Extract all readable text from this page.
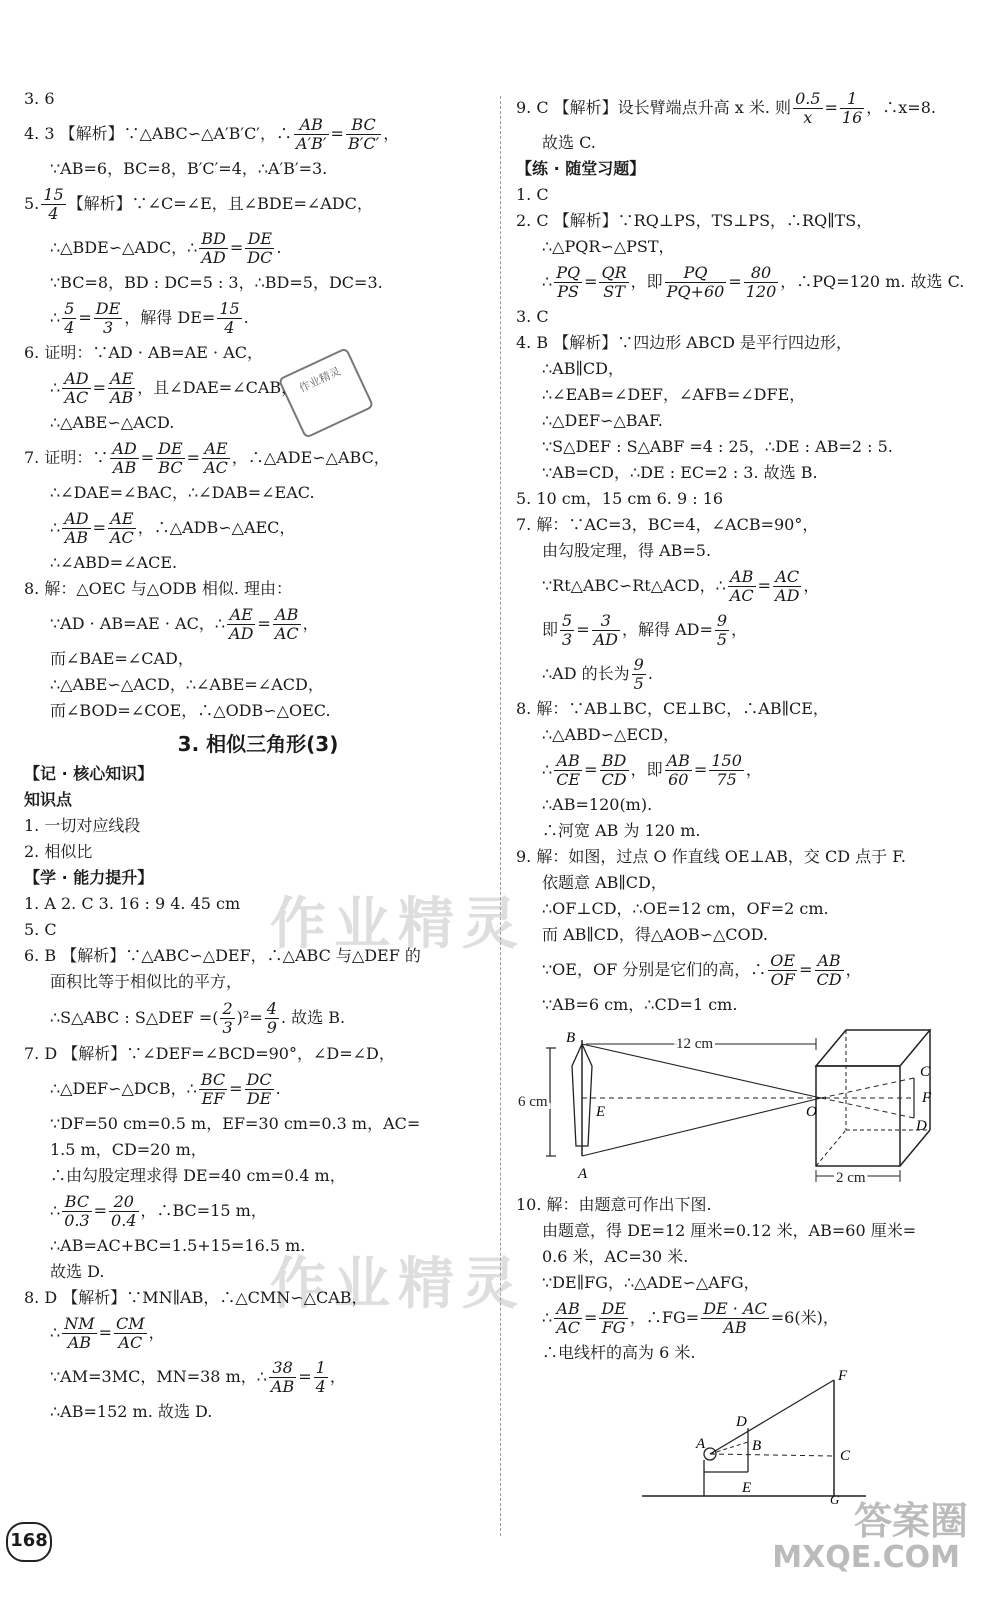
作业精灵
作业精灵
作业精灵
3. 6
4. 3 【解析】∵△ABC∽△A′B′C′，∴ $\frac{AB}{A'B'} = \frac{BC}{B'C'}$ ，
∵AB=6，BC=8，B′C′=4，∴A′B′=3.
5. $\frac{15}{4}$ 【解析】∵∠C=∠E，且∠BDE=∠ADC，
∴△BDE∽△ADC，∴ $\frac{BD}{AD} = \frac{DE}{DC}$ .
∵BC=8，BD : DC=5 : 3，∴BD=5，DC=3.
∴ $\frac{5}{4} = \frac{DE}{3}$ ，解得 $DE= \frac{15}{4}$ .
6. 证明：∵AD · AB=AE · AC，
∴ $\frac{AD}{AC} = \frac{AE}{AB}$ ，且∠DAE=∠CAB，
∴△ABE∽△ACD.
7. 证明：∵ $\frac{AD}{AB} = \frac{DE}{BC} = \frac{AE}{AC}$ ，∴△ADE∽△ABC，
∴∠DAE=∠BAC，∴∠DAB=∠EAC.
∴ $\frac{AD}{AB} = \frac{AE}{AC}$ ，∴△ADB∽△AEC，
∴∠ABD=∠ACE.
8. 解：△OEC 与△ODB 相似. 理由：
∵AD · AB=AE · AC，∴ $\frac{AE}{AD} = \frac{AB}{AC}$ ，
而∠BAE=∠CAD，
∴△ABE∽△ACD，∴∠ABE=∠ACD，
而∠BOD=∠COE，∴△ODB∽△OEC.
3. 相似三角形(3)
【记 · 核心知识】
知识点
1. 一切对应线段
2. 相似比
【学 · 能力提升】
1. A 2. C 3. 16 : 9 4. 45 cm
5. C
6. B 【解析】∵△ABC∽△DEF，∴△ABC 与△DEF 的
面积比等于相似比的平方，
∴S△ABC : S△DEF =( $\frac{2}{3} )^2= \frac{4}{9}$ . 故选 B.
7. D 【解析】∵∠DEF=∠BCD=90°，∠D=∠D，
∴△DEF∽△DCB，∴ $\frac{BC}{EF} = \frac{DC}{DE}$ .
∵DF=50 cm=0.5 m，EF=30 cm=0.3 m，AC=
1.5 m，CD=20 m，
∴由勾股定理求得 DE=40 cm=0.4 m，
∴ $\frac{BC}{0.3} = \frac{20}{0.4}$ ，∴BC=15 m，
∴AB=AC+BC=1.5+15=16.5 m.
故选 D.
8. D 【解析】∵MN∥AB，∴△CMN∽△CAB，
∴ $\frac{NM}{AB} = \frac{CM}{AC}$ ，
∵AM=3MC，MN=38 m，∴ $\frac{38}{AB} = \frac{1}{4}$ ，
∴AB=152 m. 故选 D.
9. C 【解析】设长臂端点升高 x 米. 则 $\frac{0.5}{x} = \frac{1}{16}$ ，∴x=8.
故选 C.
【练 · 随堂习题】
1. C
2. C 【解析】∵RQ⊥PS，TS⊥PS，∴RQ∥TS，
∴△PQR∽△PST，
∴ $\frac{PQ}{PS} = \frac{QR}{ST}$ ，即 $\frac{PQ}{PQ+60} = \frac{80}{120}$ ，∴PQ=120 m. 故选 C.
3. C
4. B 【解析】∵四边形 ABCD 是平行四边形，
∴AB∥CD，
∴∠EAB=∠DEF，∠AFB=∠DFE，
∴△DEF∽△BAF.
∵S△DEF : S△ABF =4 : 25，∴DE : AB=2 : 5.
∵AB=CD，∴DE : EC=2 : 3. 故选 B.
5. 10 cm，15 cm 6. 9 : 16
7. 解：∵AC=3，BC=4，∠ACB=90°，
由勾股定理，得 AB=5.
∵Rt△ABC∽Rt△ACD，∴ $\frac{AB}{AC} = \frac{AC}{AD}$ ，
即 $\frac{5}{3} = \frac{3}{AD}$ ，解得 $AD= \frac{9}{5}$ ，
∴AD 的长为 $\frac{9}{5}$ .
8. 解：∵AB⊥BC，CE⊥BC，∴AB∥CE，
∴△ABD∽△ECD，
∴ $\frac{AB}{CE} = \frac{BD}{CD}$ ，即 $\frac{AB}{60} = \frac{150}{75}$ ，
∴AB=120(m).
∴河宽 AB 为 120 m.
9. 解：如图，过点 O 作直线 OE⊥AB，交 CD 点于 F.
依题意 AB∥CD，
∴OF⊥CD，∴OE=12 cm，OF=2 cm.
而 AB∥CD，得△AOB∽△COD.
∵OE，OF 分别是它们的高，∴ $\frac{OE}{OF} = \frac{AB}{CD}$ ，
∵AB=6 cm，∴CD=1 cm.
B
A
E	O
C
F
D
12 cm
6 cm
2 cm
10. 解：由题意可作出下图.
由题意，得 DE=12 厘米=0.12 米，AB=60 厘米=
0.6 米，AC=30 米.
∵DE∥FG，∴△ADE∽△AFG，
∴ $\frac{AB}{AC} = \frac{DE}{FG}$ ，∴FG= $\frac{DE \cdot AC}{AB} =6$(米)，
∴电线杆的高为 6 米.
F
A
D
B
C
E
G
168	答案圈
MXQE.COM
